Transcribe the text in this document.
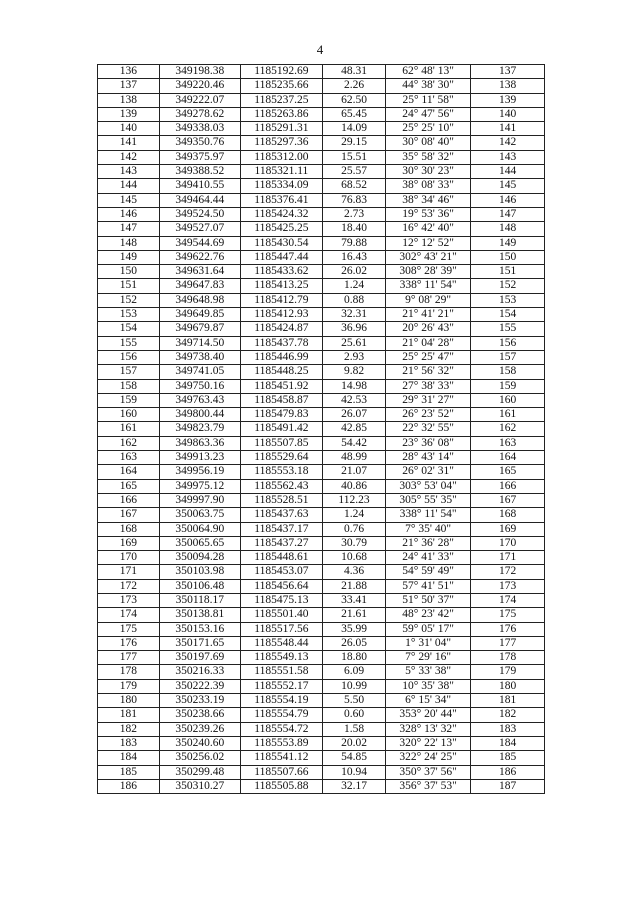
4
136	349198.38	1185192.69	48.31	62° 48' 13"	137
137	349220.46	1185235.66	2.26	44° 38' 30"	138
138	349222.07	1185237.25	62.50	25° 11' 58"	139
139	349278.62	1185263.86	65.45	24° 47' 56"	140
140	349338.03	1185291.31	14.09	25° 25' 10"	141
141	349350.76	1185297.36	29.15	30° 08' 40"	142
142	349375.97	1185312.00	15.51	35° 58' 32"	143
143	349388.52	1185321.11	25.57	30° 30' 23"	144
144	349410.55	1185334.09	68.52	38° 08' 33"	145
145	349464.44	1185376.41	76.83	38° 34' 46"	146
146	349524.50	1185424.32	2.73	19° 53' 36"	147
147	349527.07	1185425.25	18.40	16° 42' 40"	148
148	349544.69	1185430.54	79.88	12° 12' 52"	149
149	349622.76	1185447.44	16.43	302° 43' 21"	150
150	349631.64	1185433.62	26.02	308° 28' 39"	151
151	349647.83	1185413.25	1.24	338° 11' 54"	152
152	349648.98	1185412.79	0.88	9° 08' 29"	153
153	349649.85	1185412.93	32.31	21° 41' 21"	154
154	349679.87	1185424.87	36.96	20° 26' 43"	155
155	349714.50	1185437.78	25.61	21° 04' 28"	156
156	349738.40	1185446.99	2.93	25° 25' 47"	157
157	349741.05	1185448.25	9.82	21° 56' 32"	158
158	349750.16	1185451.92	14.98	27° 38' 33"	159
159	349763.43	1185458.87	42.53	29° 31' 27"	160
160	349800.44	1185479.83	26.07	26° 23' 52"	161
161	349823.79	1185491.42	42.85	22° 32' 55"	162
162	349863.36	1185507.85	54.42	23° 36' 08"	163
163	349913.23	1185529.64	48.99	28° 43' 14"	164
164	349956.19	1185553.18	21.07	26° 02' 31"	165
165	349975.12	1185562.43	40.86	303° 53' 04"	166
166	349997.90	1185528.51	112.23	305° 55' 35"	167
167	350063.75	1185437.63	1.24	338° 11' 54"	168
168	350064.90	1185437.17	0.76	7° 35' 40"	169
169	350065.65	1185437.27	30.79	21° 36' 28"	170
170	350094.28	1185448.61	10.68	24° 41' 33"	171
171	350103.98	1185453.07	4.36	54° 59' 49"	172
172	350106.48	1185456.64	21.88	57° 41' 51"	173
173	350118.17	1185475.13	33.41	51° 50' 37"	174
174	350138.81	1185501.40	21.61	48° 23' 42"	175
175	350153.16	1185517.56	35.99	59° 05' 17"	176
176	350171.65	1185548.44	26.05	1° 31' 04"	177
177	350197.69	1185549.13	18.80	7° 29' 16"	178
178	350216.33	1185551.58	6.09	5° 33' 38"	179
179	350222.39	1185552.17	10.99	10° 35' 38"	180
180	350233.19	1185554.19	5.50	6° 15' 34"	181
181	350238.66	1185554.79	0.60	353° 20' 44"	182
182	350239.26	1185554.72	1.58	328° 13' 32"	183
183	350240.60	1185553.89	20.02	320° 22' 13"	184
184	350256.02	1185541.12	54.85	322° 24' 25"	185
185	350299.48	1185507.66	10.94	350° 37' 56"	186
186	350310.27	1185505.88	32.17	356° 37' 53"	187
